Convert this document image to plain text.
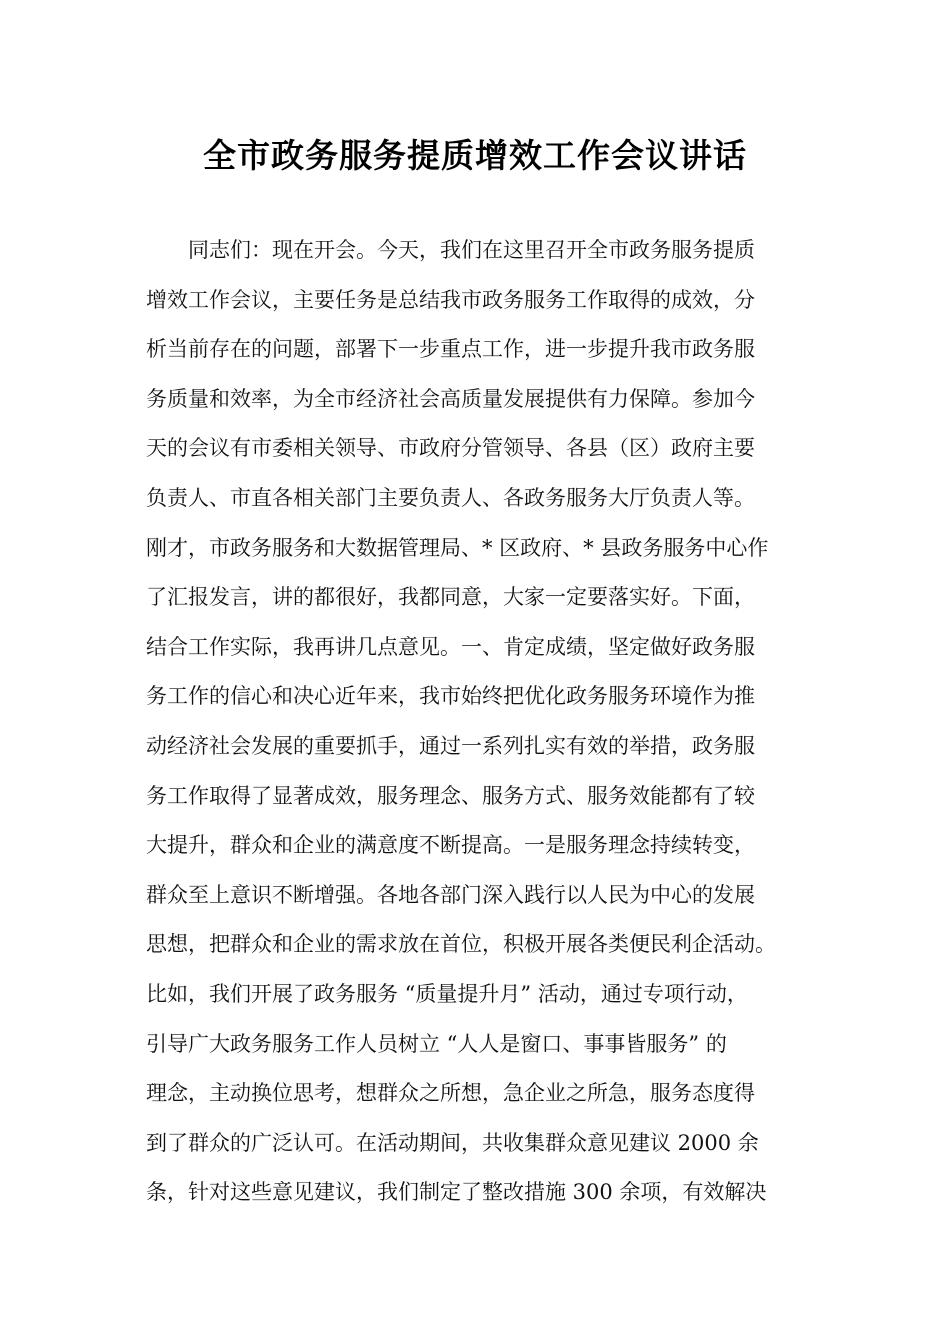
全市政务服务提质增效工作会议讲话
　　同志们：现在开会。今天，我们在这里召开全市政务服务提质
增效工作会议，主要任务是总结我市政务服务工作取得的成效，分
析当前存在的问题，部署下一步重点工作，进一步提升我市政务服
务质量和效率，为全市经济社会高质量发展提供有力保障。参加今
天的会议有市委相关领导、市政府分管领导、各县（区）政府主要
负责人、市直各相关部门主要负责人、各政务服务大厅负责人等。
刚才，市政务服务和大数据管理局、* 区政府、* 县政务服务中心作
了汇报发言，讲的都很好，我都同意，大家一定要落实好。下面，
结合工作实际，我再讲几点意见。一、肯定成绩，坚定做好政务服
务工作的信心和决心近年来，我市始终把优化政务服务环境作为推
动经济社会发展的重要抓手，通过一系列扎实有效的举措，政务服
务工作取得了显著成效，服务理念、服务方式、服务效能都有了较
大提升，群众和企业的满意度不断提高。一是服务理念持续转变，
群众至上意识不断增强。各地各部门深入践行以人民为中心的发展
思想，把群众和企业的需求放在首位，积极开展各类便民利企活动。
比如，我们开展了政务服务 “质量提升月” 活动，通过专项行动，
引导广大政务服务工作人员树立 “人人是窗口、事事皆服务” 的
理念，主动换位思考，想群众之所想，急企业之所急，服务态度得
到了群众的广泛认可。在活动期间，共收集群众意见建议 2000 余
条，针对这些意见建议，我们制定了整改措施 300 余项，有效解决
